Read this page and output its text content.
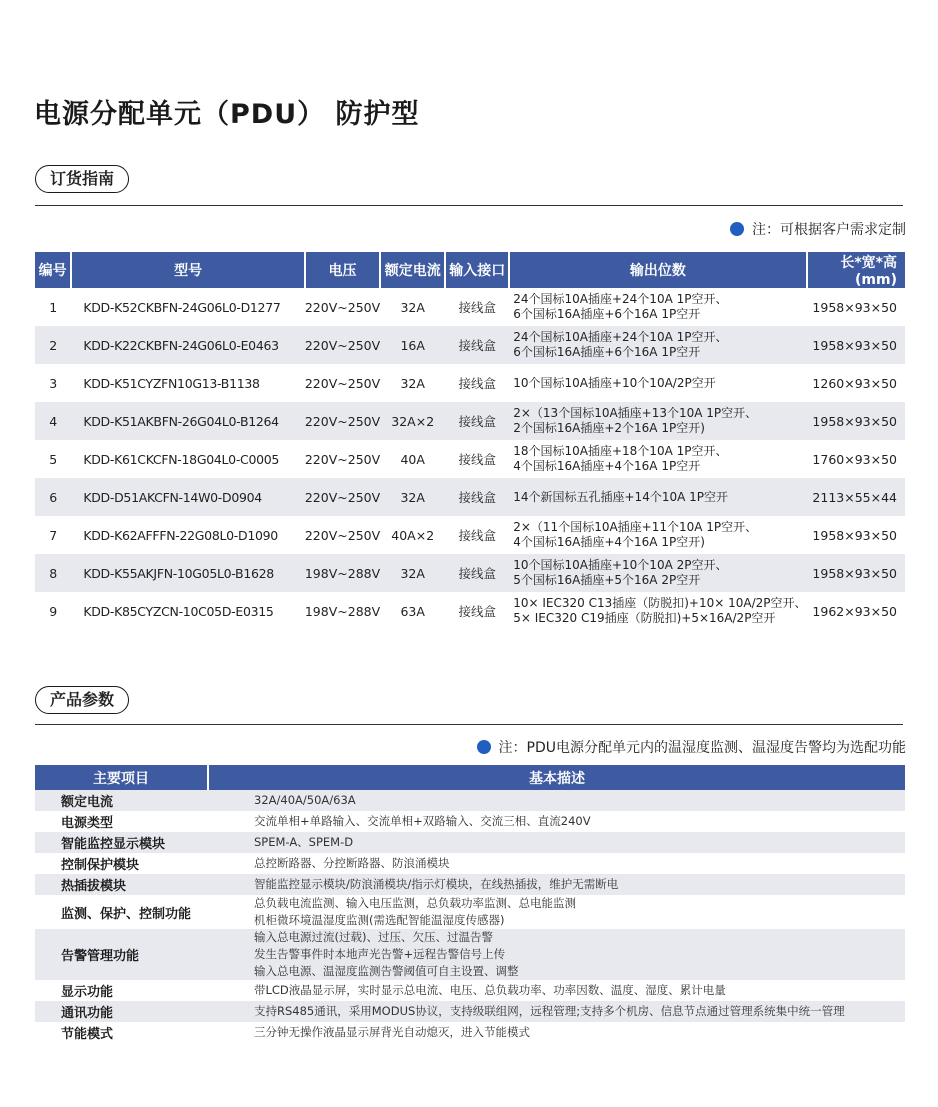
电源分配单元（PDU） 防护型
订货指南
注：可根据客户需求定制
编号	型号	电压	额定电流	输入接口	输出位数	长*宽*高(mm)
1	KDD-K52CKBFN-24G06L0-D1277	220V~250V	32A	接线盒	24个国标10A插座+24个10A 1P空开、
6个国标16A插座+6个16A 1P空开	1958×93×50
2	KDD-K22CKBFN-24G06L0-E0463	220V~250V	16A	接线盒	24个国标10A插座+24个10A 1P空开、
6个国标16A插座+6个16A 1P空开	1958×93×50
3	KDD-K51CYZFN10G13-B1138	220V~250V	32A	接线盒	10个国标10A插座+10个10A/2P空开	1260×93×50
4	KDD-K51AKBFN-26G04L0-B1264	220V~250V	32A×2	接线盒	2×（13个国标10A插座+13个10A 1P空开、
2个国标16A插座+2个16A 1P空开)	1958×93×50
5	KDD-K61CKCFN-18G04L0-C0005	220V~250V	40A	接线盒	18个国标10A插座+18个10A 1P空开、
4个国标16A插座+4个16A 1P空开	1760×93×50
6	KDD-D51AKCFN-14W0-D0904	220V~250V	32A	接线盒	14个新国标五孔插座+14个10A 1P空开	2113×55×44
7	KDD-K62AFFFN-22G08L0-D1090	220V~250V	40A×2	接线盒	2×（11个国标10A插座+11个10A 1P空开、
4个国标16A插座+4个16A 1P空开)	1958×93×50
8	KDD-K55AKJFN-10G05L0-B1628	198V~288V	32A	接线盒	10个国标10A插座+10个10A 2P空开、
5个国标16A插座+5个16A 2P空开	1958×93×50
9	KDD-K85CYZCN-10C05D-E0315	198V~288V	63A	接线盒	10× IEC320 C13插座（防脱扣)+10× 10A/2P空开、
5× IEC320 C19插座（防脱扣)+5×16A/2P空开	1962×93×50
产品参数
注：PDU电源分配单元内的温湿度监测、温湿度告警均为选配功能
主要项目	基本描述
额定电流	32A/40A/50A/63A

电源类型	交流单相+单路输入、交流单相+双路输入、交流三相、直流240V

智能监控显示模块	SPEM-A、SPEM-D

控制保护模块	总控断路器、分控断路器、防浪涌模块

热插拔模块	智能监控显示模块/防浪涌模块/指示灯模块，在线热插拔，维护无需断电

监测、保护、控制功能	总负载电流监测、输入电压监测，总负载功率监测、总电能监测
机柜微环境温湿度监测(需选配智能温湿度传感器)

告警管理功能	输入总电源过流(过载)、过压、欠压、过温告警
发生告警事件时本地声光告警+远程告警信号上传
输入总电源、温湿度监测告警阈值可自主设置、调整

显示功能	带LCD液晶显示屏，实时显示总电流、电压、总负载功率、功率因数、温度、湿度、累计电量

通讯功能	支持RS485通讯，采用MODUS协议，支持级联组网，远程管理;支持多个机房、信息节点通过管理系统集中统一管理

节能模式	三分钟无操作液晶显示屏背光自动熄灭，进入节能模式
